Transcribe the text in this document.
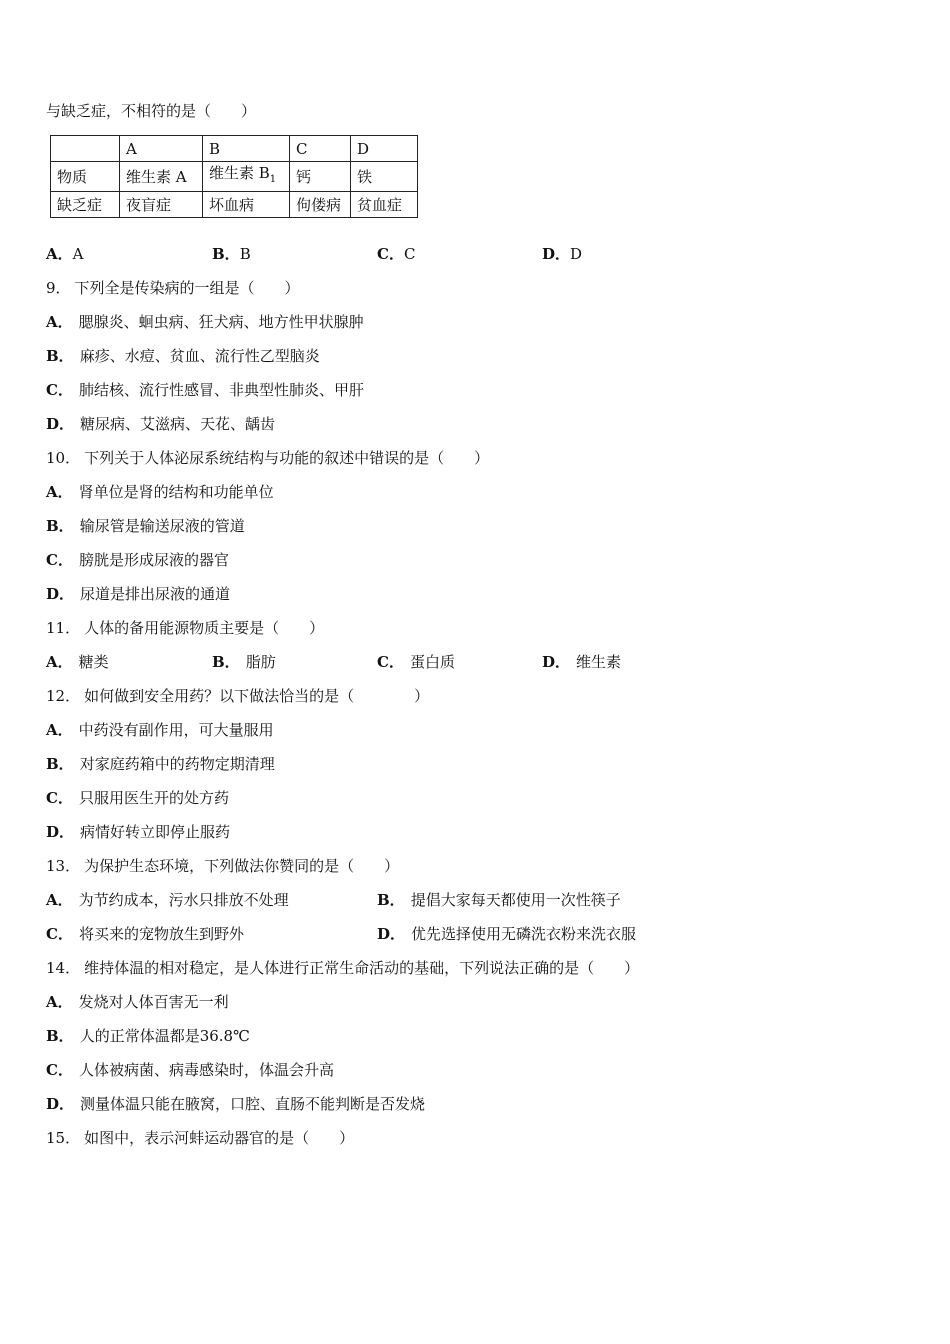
与缺乏症，不相符的是（　　）
	A	B	C	D
物质	维生素 A	维生素 $B_1$	钙	铁
缺乏症	夜盲症	坏血病	佝偻病	贫血症
A．A	B．B	C．C	D．D
9． 下列全是传染病的一组是（　　）
A． 腮腺炎、蛔虫病、狂犬病、地方性甲状腺肿
B． 麻疹、水痘、贫血、流行性乙型脑炎
C． 肺结核、流行性感冒、非典型性肺炎、甲肝
D． 糖尿病、艾滋病、天花、龋齿
10． 下列关于人体泌尿系统结构与功能的叙述中错误的是（　　）
A． 肾单位是肾的结构和功能单位
B． 输尿管是输送尿液的管道
C． 膀胱是形成尿液的器官
D． 尿道是排出尿液的通道
11． 人体的备用能源物质主要是（　　）
A． 糖类	B． 脂肪	C． 蛋白质	D． 维生素
12． 如何做到安全用药？以下做法恰当的是（　　　　）
A． 中药没有副作用，可大量服用
B． 对家庭药箱中的药物定期清理
C． 只服用医生开的处方药
D． 病情好转立即停止服药
13． 为保护生态环境，下列做法你赞同的是（　　）
A． 为节约成本，污水只排放不处理	B． 提倡大家每天都使用一次性筷子
C． 将买来的宠物放生到野外	D． 优先选择使用无磷洗衣粉来洗衣服
14． 维持体温的相对稳定，是人体进行正常生命活动的基础，下列说法正确的是（　　）
A． 发烧对人体百害无一利
B． 人的正常体温都是36.8℃
C． 人体被病菌、病毒感染时，体温会升高
D． 测量体温只能在腋窝，口腔、直肠不能判断是否发烧
15． 如图中，表示河蚌运动器官的是（　　）
